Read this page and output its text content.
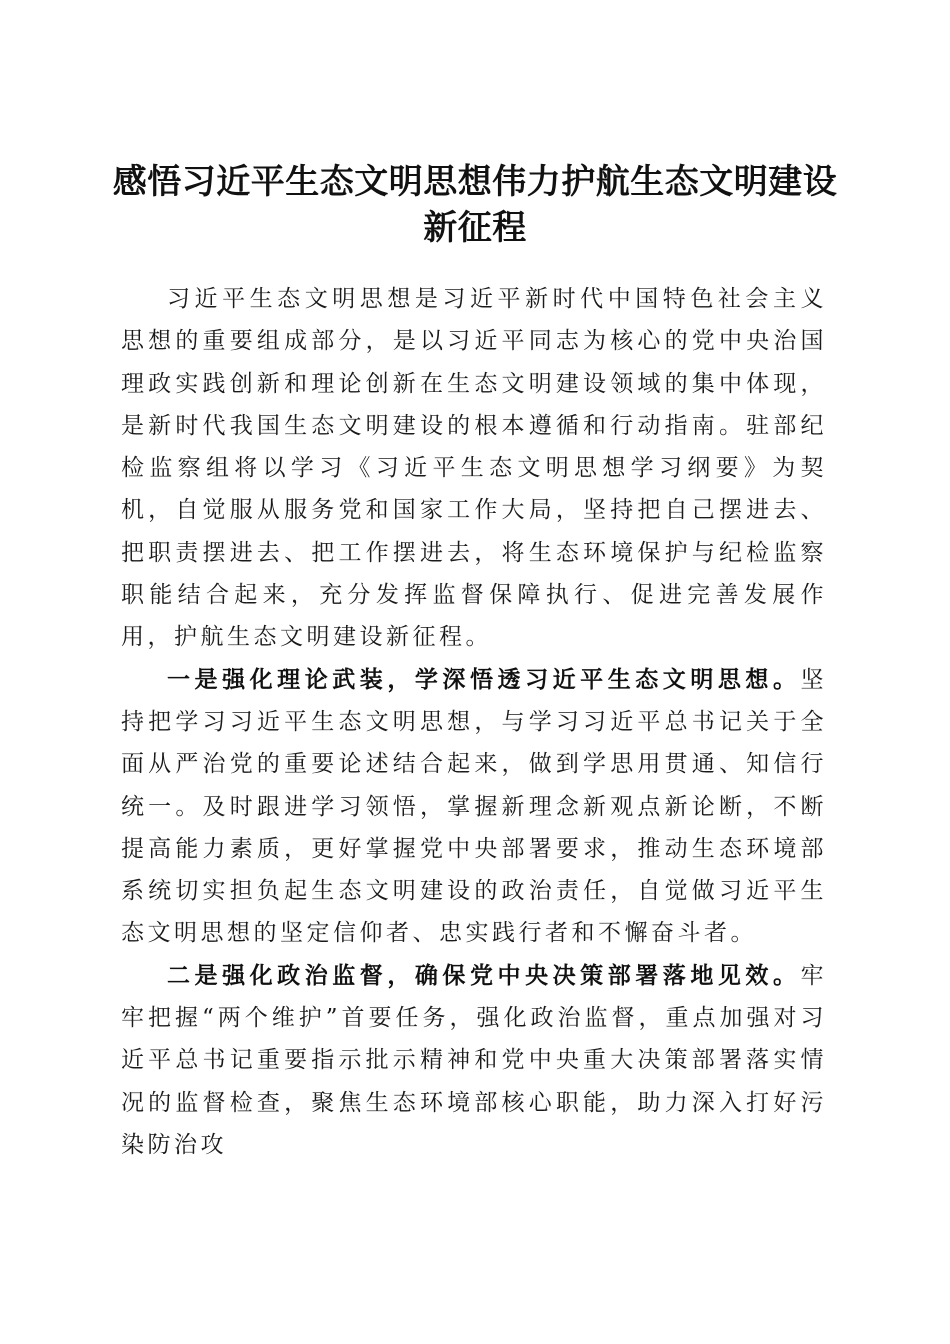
感悟习近平生态文明思想伟力护航生态文明建设新征程

习近平生态文明思想是习近平新时代中国特色社会主义思想的重要组成部分，是以习近平同志为核心的党中央治国理政实践创新和理论创新在生态文明建设领域的集中体现，是新时代我国生态文明建设的根本遵循和行动指南。驻部纪检监察组将以学习《习近平生态文明思想学习纲要》为契机，自觉服从服务党和国家工作大局，坚持把自己摆进去、把职责摆进去、把工作摆进去，将生态环境保护与纪检监察职能结合起来，充分发挥监督保障执行、促进完善发展作用，护航生态文明建设新征程。

一是强化理论武装，学深悟透习近平生态文明思想。坚持把学习习近平生态文明思想，与学习习近平总书记关于全面从严治党的重要论述结合起来，做到学思用贯通、知信行统一。及时跟进学习领悟，掌握新理念新观点新论断，不断提高能力素质，更好掌握党中央部署要求，推动生态环境部系统切实担负起生态文明建设的政治责任，自觉做习近平生态文明思想的坚定信仰者、忠实践行者和不懈奋斗者。

二是强化政治监督，确保党中央决策部署落地见效。牢牢把握“两个维护”首要任务，强化政治监督，重点加强对习近平总书记重要指示批示精神和党中央重大决策部署落实情况的监督检查，聚焦生态环境部核心职能，助力深入打好污染防治攻
